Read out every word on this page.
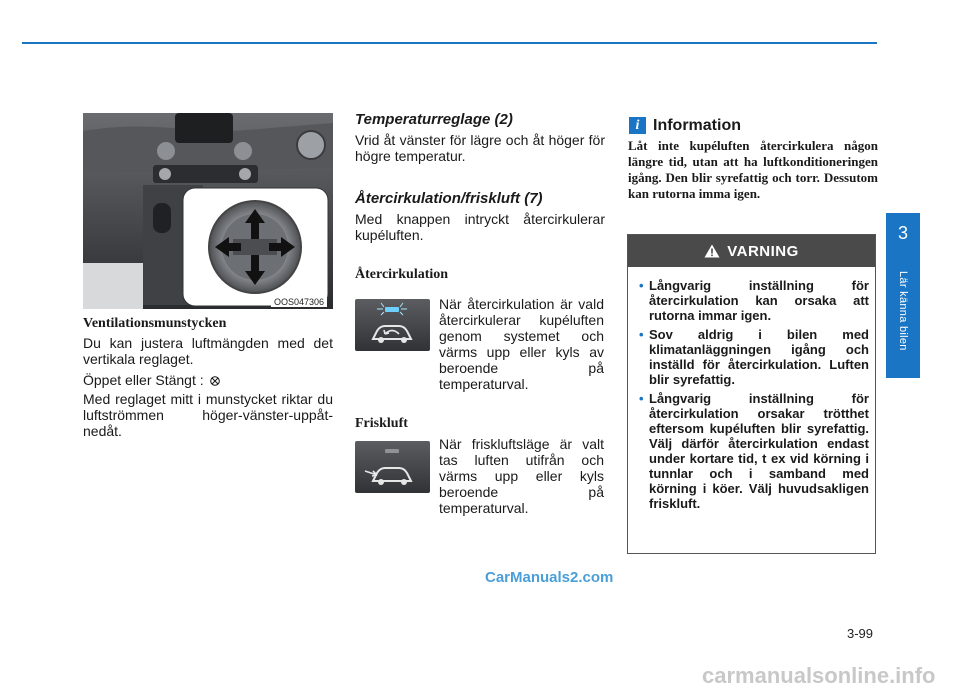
OOS047306
Ventilationsmunstycken
Du kan justera luftmängden med det vertikala reglaget.
Öppet eller Stängt :
Med reglaget mitt i munstycket riktar du luftströmmen höger-vänster-uppåt-nedåt.
Temperaturreglage (2)
Vrid åt vänster för lägre och åt höger för högre temperatur.
Återcirkulation/friskluft (7)
Med knappen intryckt återcirkulerar kupéluften.
Återcirkulation
När återcirkulation är vald återcirkulerar kupéluften genom systemet och värms upp eller kyls av beroende på temperaturval.
Friskluft
När friskluftsläge är valt tas luften utifrån och värms upp eller kyls beroende på temperaturval.
i Information
Låt inte kupéluften återcirkulera någon längre tid, utan att ha luftkonditioneringen igång. Den blir syrefattig och torr. Dessutom kan rutorna imma igen.
VARNING
• Långvarig inställning för återcirkulation kan orsaka att rutorna immar igen.
• Sov aldrig i bilen med klimatanläggningen igång och inställd för återcirkulation. Luften blir syrefattig.
• Långvarig inställning för återcirkulation orsakar trötthet eftersom kupéluften blir syrefattig. Välj därför återcirkulation endast under kortare tid, t ex vid körning i tunnlar och i samband med körning i köer. Välj huvudsakligen friskluft.
3
Lär känna bilen
3-99
CarManuals2.com
carmanualsonline.info
